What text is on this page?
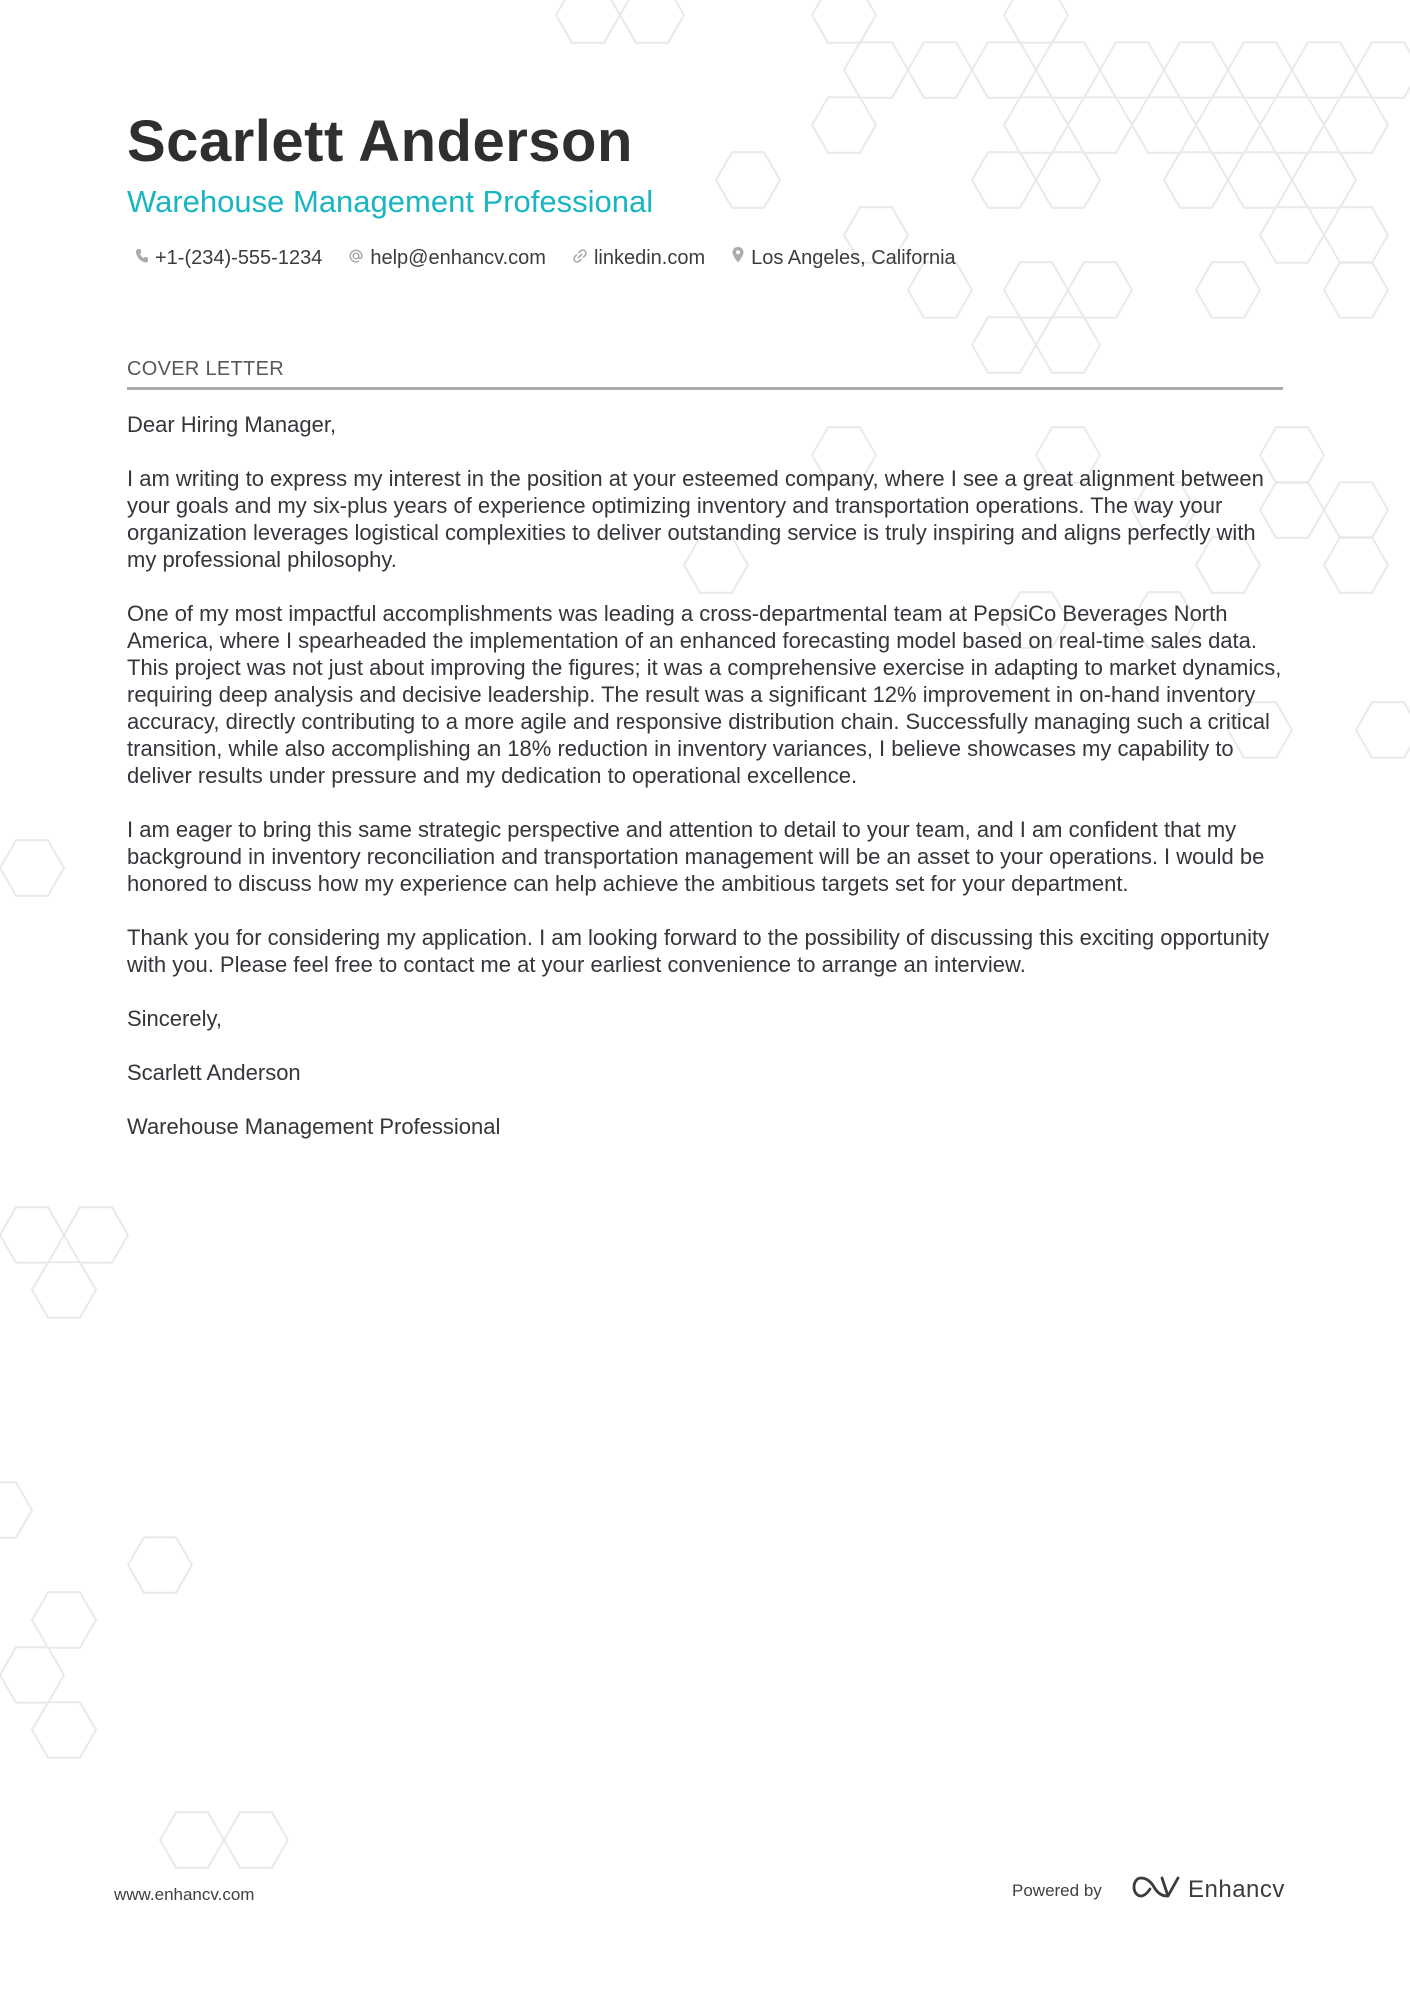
Scarlett Anderson
Warehouse Management Professional
+1-(234)-555-1234 help@enhancv.com linkedin.com Los Angeles, California
COVER LETTER

Dear Hiring Manager,

I am writing to express my interest in the position at your esteemed company, where I see a great alignment between your goals and my six-plus years of experience optimizing inventory and transportation operations. The way your organization leverages logistical complexities to deliver outstanding service is truly inspiring and aligns perfectly with my professional philosophy.

One of my most impactful accomplishments was leading a cross-departmental team at PepsiCo Beverages North America, where I spearheaded the implementation of an enhanced forecasting model based on real-time sales data. This project was not just about improving the figures; it was a comprehensive exercise in adapting to market dynamics, requiring deep analysis and decisive leadership. The result was a significant 12% improvement in on-hand inventory accuracy, directly contributing to a more agile and responsive distribution chain. Successfully managing such a critical transition, while also accomplishing an 18% reduction in inventory variances, I believe showcases my capability to deliver results under pressure and my dedication to operational excellence.

I am eager to bring this same strategic perspective and attention to detail to your team, and I am confident that my background in inventory reconciliation and transportation management will be an asset to your operations. I would be honored to discuss how my experience can help achieve the ambitious targets set for your department.

Thank you for considering my application. I am looking forward to the possibility of discussing this exciting opportunity with you. Please feel free to contact me at your earliest convenience to arrange an interview.

Sincerely,

Scarlett Anderson

Warehouse Management Professional

www.enhancv.com	Powered by	Enhancv
